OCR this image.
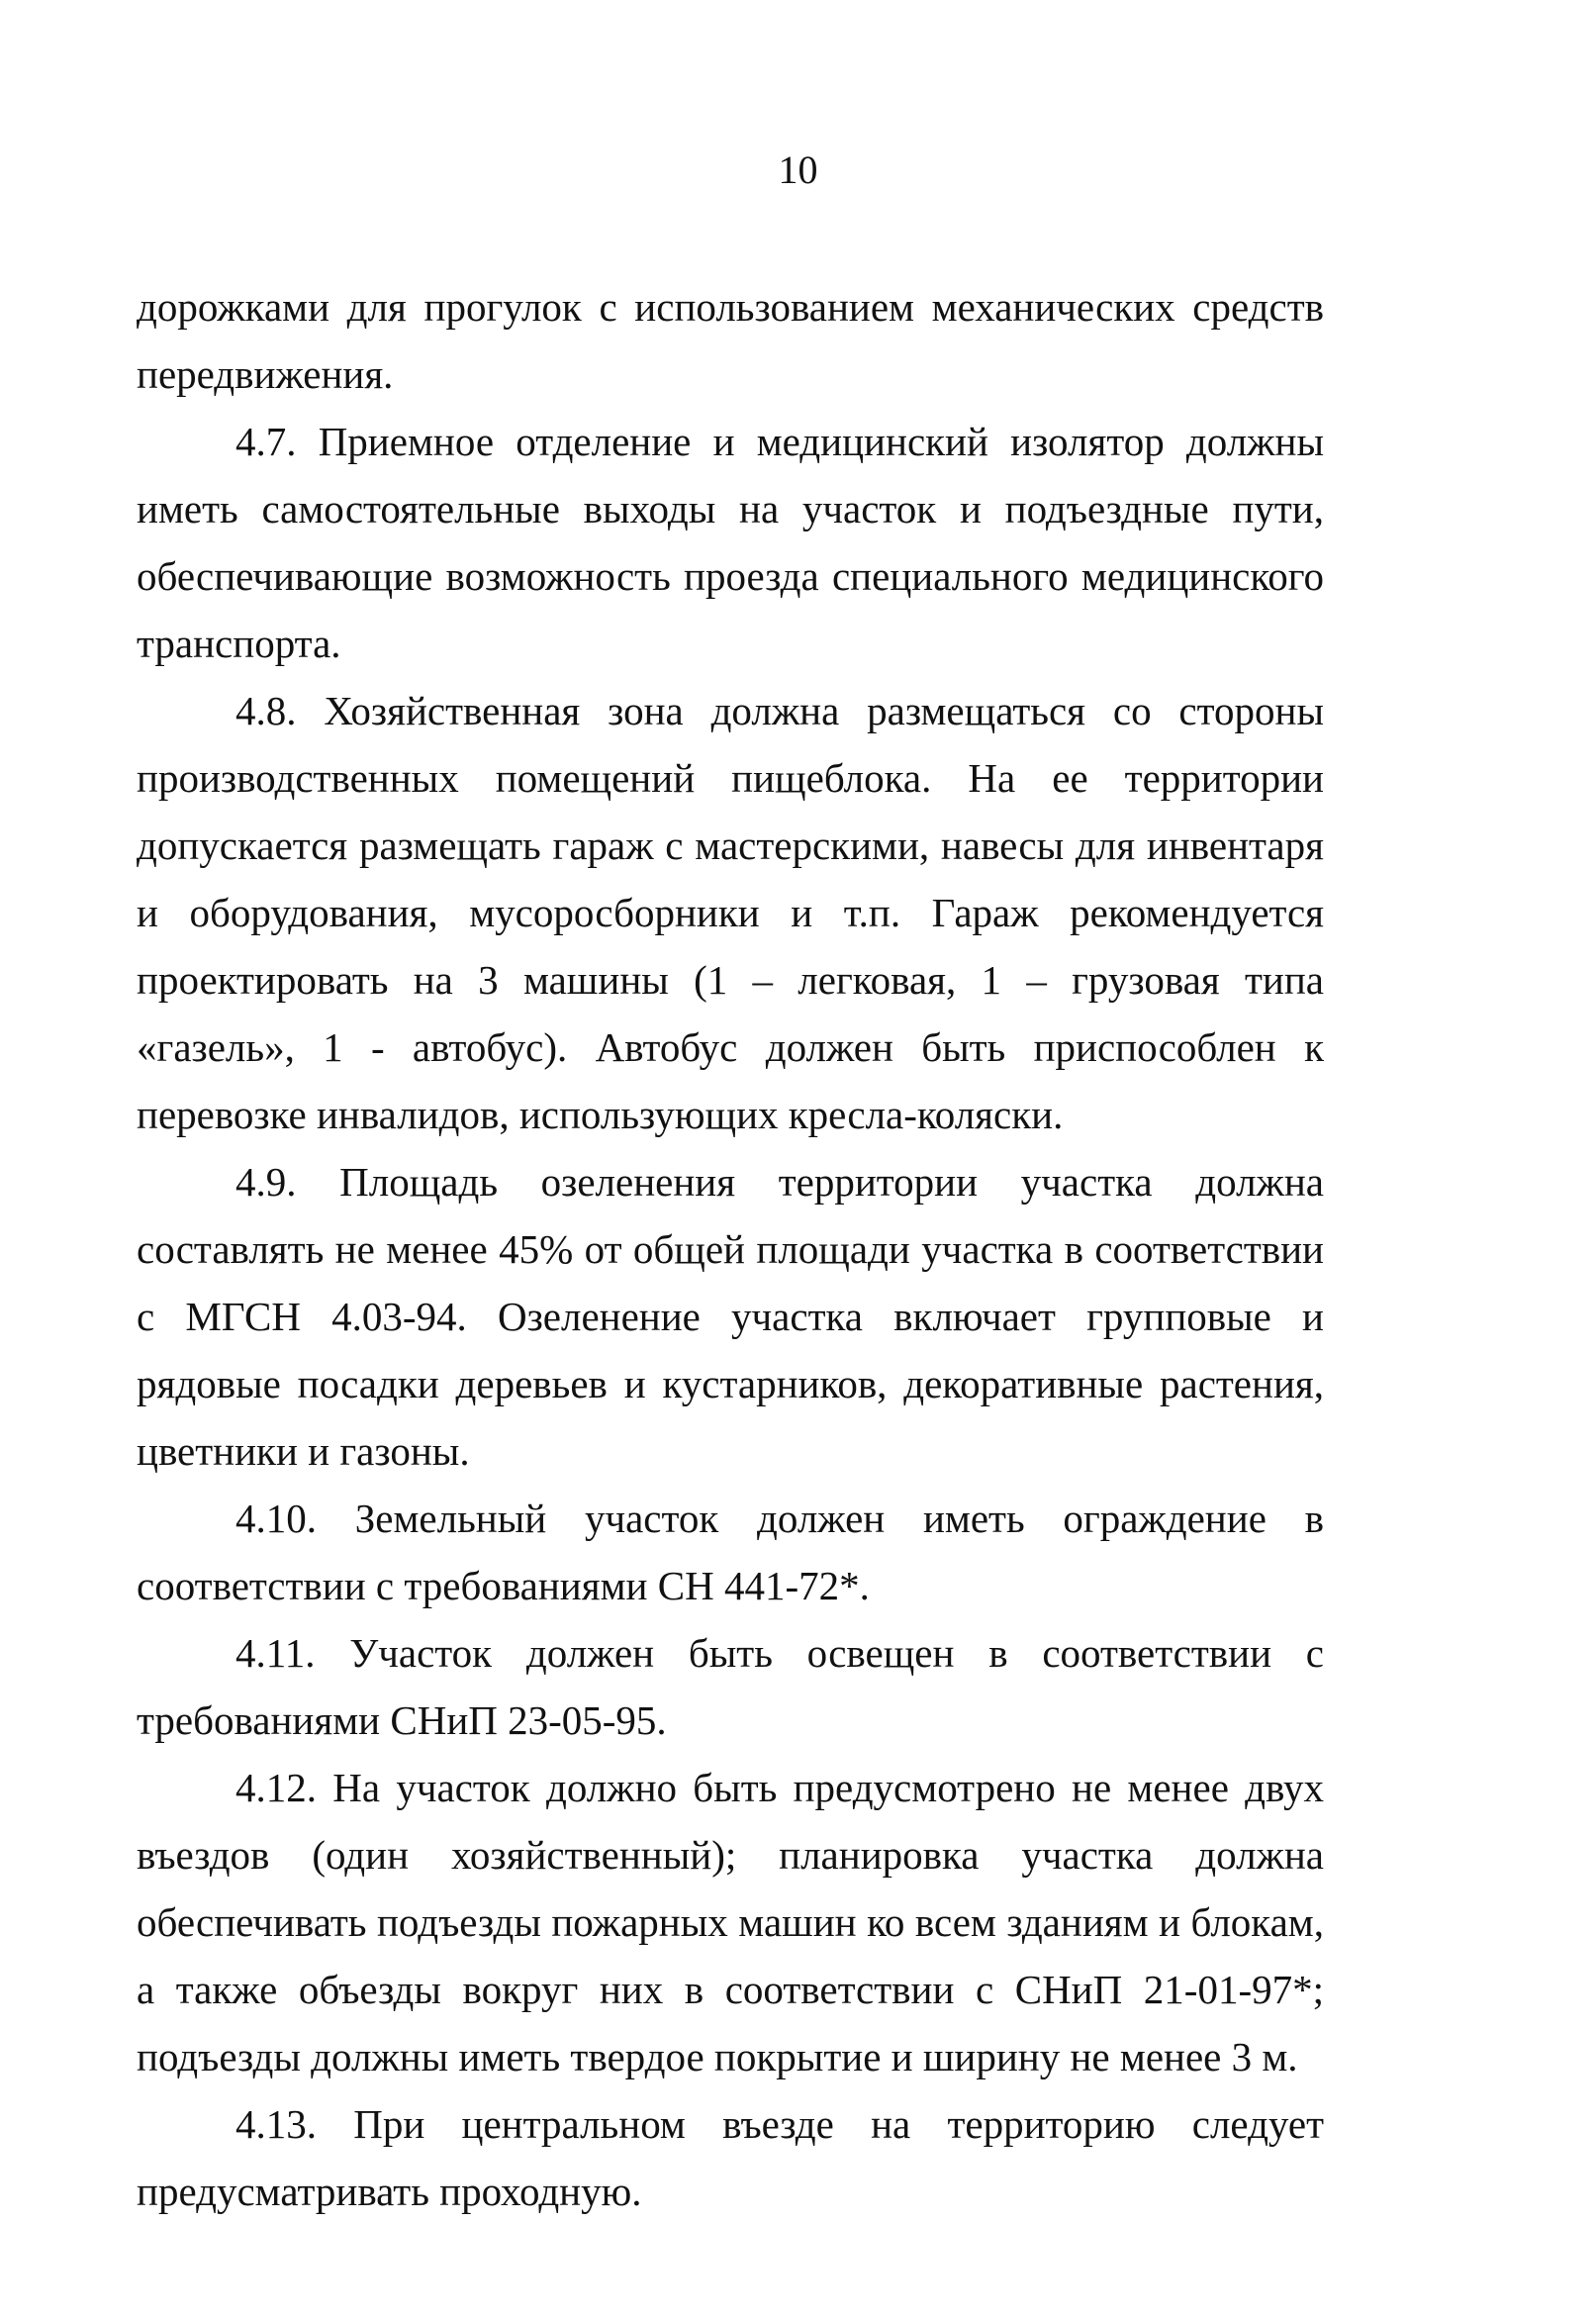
10

дорожками для прогулок с использованием механических средств передвижения.

4.7. Приемное отделение и медицинский изолятор должны иметь самостоятельные выходы на участок и подъездные пути, обеспечивающие возможность проезда специального медицинского транспорта.

4.8. Хозяйственная зона должна размещаться со стороны производственных помещений пищеблока. На ее территории допускается размещать гараж с мастерскими, навесы для инвентаря и оборудования, мусоросборники и т.п. Гараж рекомендуется проектировать на 3 машины (1 – легковая, 1 – грузовая типа «газель», 1 - автобус). Автобус должен быть приспособлен к перевозке инвалидов, использующих кресла-коляски.

4.9. Площадь озеленения территории участка должна составлять не менее 45% от общей площади участка в соответствии с МГСН 4.03-94. Озеленение участка включает групповые и рядовые посадки деревьев и кустарников, декоративные растения, цветники и газоны.

4.10. Земельный участок должен иметь ограждение в соответствии с требованиями СН 441-72*.

4.11. Участок должен быть освещен в соответствии с требованиями СНиП 23-05-95.

4.12. На участок должно быть предусмотрено не менее двух въездов (один хозяйственный); планировка участка должна обеспечивать подъезды пожарных машин ко всем зданиям и блокам, а также объезды вокруг них в соответствии с СНиП 21-01-97*; подъезды должны иметь твердое покрытие и ширину не менее 3 м.

4.13. При центральном въезде на территорию следует предусматривать проходную.
